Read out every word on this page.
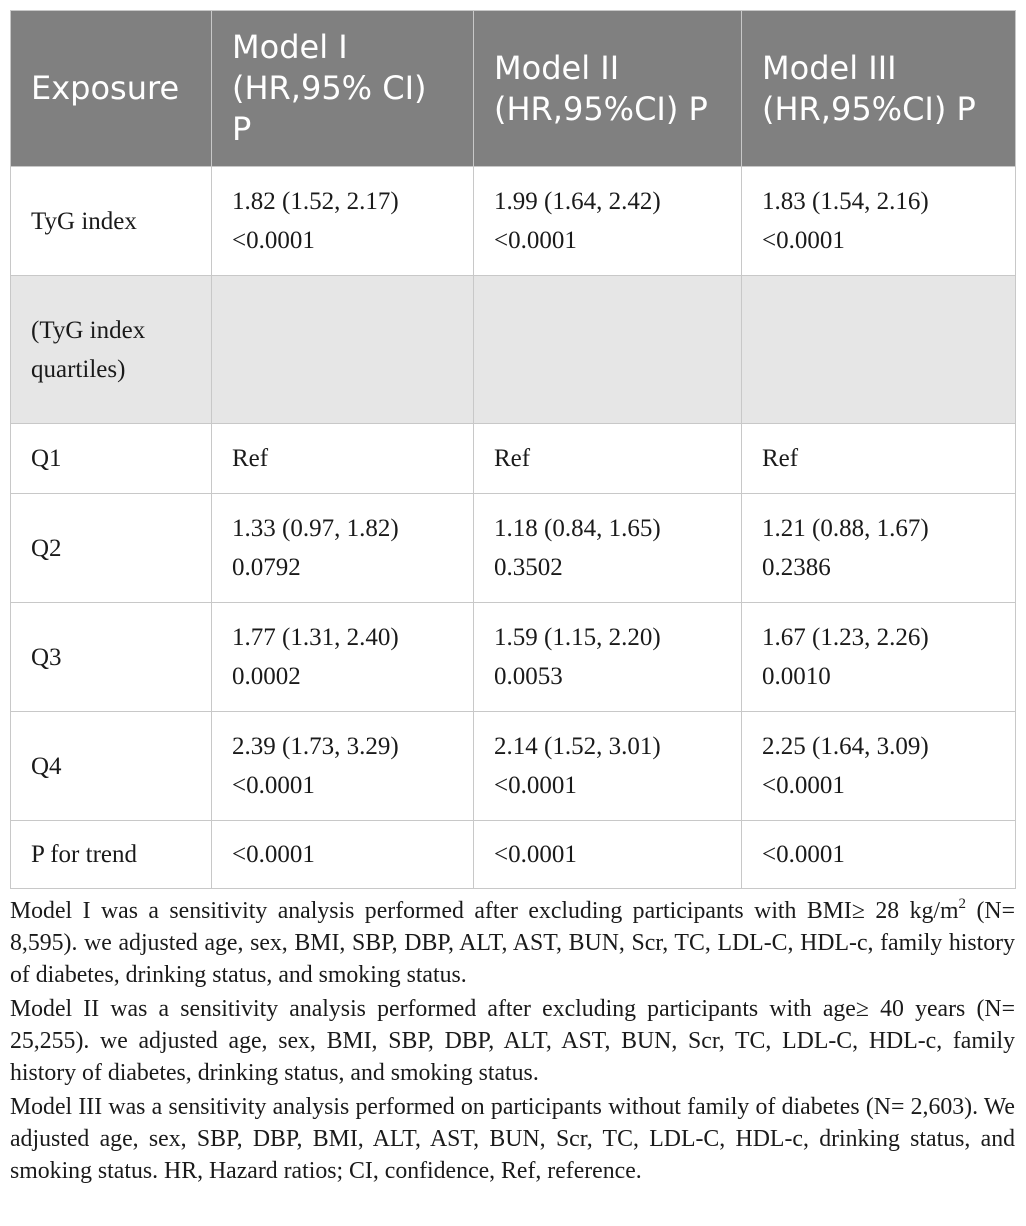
Exposure	Model I (HR,95% CI) P	Model II (HR,95%CI) P	Model III (HR,95%CI) P
TyG index	1.82 (1.52, 2.17) <0.0001	1.99 (1.64, 2.42) <0.0001	1.83 (1.54, 2.16) <0.0001
(TyG index quartiles)			
Q1	Ref	Ref	Ref
Q2	1.33 (0.97, 1.82) 0.0792	1.18 (0.84, 1.65) 0.3502	1.21 (0.88, 1.67) 0.2386
Q3	1.77 (1.31, 2.40) 0.0002	1.59 (1.15, 2.20) 0.0053	1.67 (1.23, 2.26) 0.0010
Q4	2.39 (1.73, 3.29) <0.0001	2.14 (1.52, 3.01) <0.0001	2.25 (1.64, 3.09) <0.0001
P for trend	<0.0001	<0.0001	<0.0001

Model I was a sensitivity analysis performed after excluding participants with BMI≥ 28 $kg/m^2$ (N= 8,595). we adjusted age, sex, BMI, SBP, DBP, ALT, AST, BUN, Scr, TC, LDL-C, HDL-c, family history of diabetes, drinking status, and smoking status.

Model II was a sensitivity analysis performed after excluding participants with age≥ 40 years (N= 25,255). we adjusted age, sex, BMI, SBP, DBP, ALT, AST, BUN, Scr, TC, LDL-C, HDL-c, family history of diabetes, drinking status, and smoking status.

Model III was a sensitivity analysis performed on participants without family of diabetes (N= 2,603). We adjusted age, sex, SBP, DBP, BMI, ALT, AST, BUN, Scr, TC, LDL-C, HDL-c, drinking status, and smoking status. HR, Hazard ratios; CI, confidence, Ref, reference.
